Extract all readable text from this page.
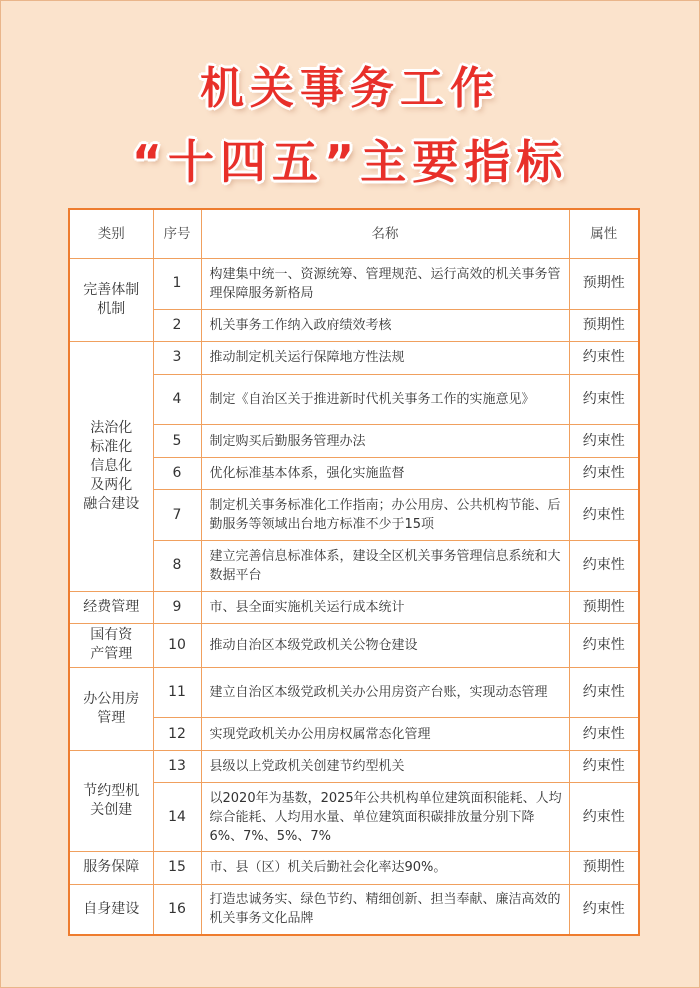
机关事务工作
“十四五”主要指标
类别	序号	名称	属性

完善体制
机制	1	构建集中统一、资源统筹、管理规范、运行高效的机关事务管理保障服务新格局	预期性
	2	机关事务工作纳入政府绩效考核	预期性

法治化
标准化
信息化
及两化
融合建设	3	推动制定机关运行保障地方性法规	约束性
	4	制定《自治区关于推进新时代机关事务工作的实施意见》	约束性
	5	制定购买后勤服务管理办法	约束性
	6	优化标准基本体系，强化实施监督	约束性
	7	制定机关事务标准化工作指南；办公用房、公共机构节能、后勤服务等领域出台地方标准不少于15项	约束性
	8	建立完善信息标准体系，建设全区机关事务管理信息系统和大数据平台	约束性

经费管理	9	市、县全面实施机关运行成本统计	预期性

国有资
产管理	10	推动自治区本级党政机关公物仓建设	约束性

办公用房
管理	11	建立自治区本级党政机关办公用房资产台账，实现动态管理	约束性
	12	实现党政机关办公用房权属常态化管理	约束性

节约型机
关创建	13	县级以上党政机关创建节约型机关	约束性
	14	以2020年为基数，2025年公共机构单位建筑面积能耗、人均综合能耗、人均用水量、单位建筑面积碳排放量分别下降6%、7%、5%、7%	约束性

服务保障	15	市、县（区）机关后勤社会化率达90%。	预期性

自身建设	16	打造忠诚务实、绿色节约、精细创新、担当奉献、廉洁高效的机关事务文化品牌	约束性
